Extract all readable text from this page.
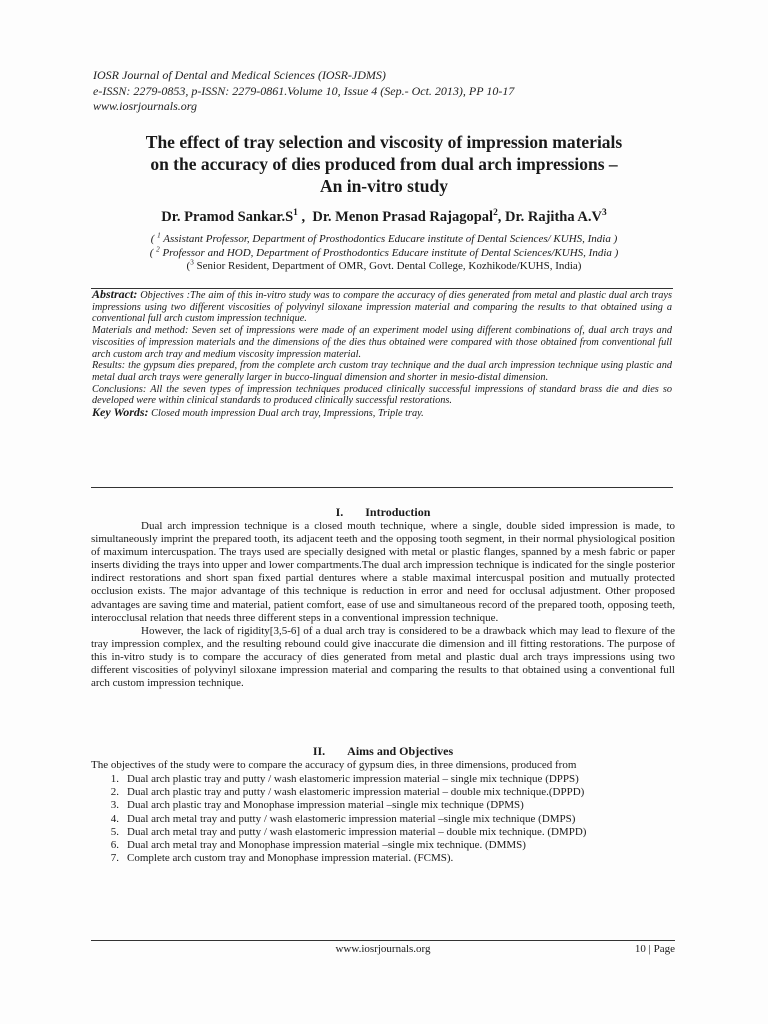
IOSR Journal of Dental and Medical Sciences (IOSR-JDMS)
e-ISSN: 2279-0853, p-ISSN: 2279-0861.Volume 10, Issue 4 (Sep.- Oct. 2013), PP 10-17
www.iosrjournals.org
The effect of tray selection and viscosity of impression materials
on the accuracy of dies produced from dual arch impressions –
An in-vitro study
Dr. Pramod $Sankar.S^1$ ,  Dr. Menon Prasad Rajagopal$^2$, Dr. Rajitha $A.V^3$
( $^1$ Assistant Professor, Department of Prosthodontics Educare institute of Dental Sciences/ KUHS, India )
( $^2$ Professor and HOD, Department of Prosthodontics Educare institute of Dental Sciences/KUHS, India )
($^3$ Senior Resident, Department of OMR, Govt. Dental College, Kozhikode/KUHS, India)

Abstract: Objectives :The aim of this in-vitro study was to compare the accuracy of dies generated from metal and plastic dual arch trays impressions using two different viscosities of polyvinyl siloxane impression material and comparing the results to that obtained using a conventional full arch custom impression technique.

Materials and method: Seven set of impressions were made of an experiment model using different combinations of, dual arch trays and viscosities of impression materials and the dimensions of the dies thus obtained were compared with those obtained from conventional full arch custom arch tray and medium viscosity impression material.

Results: the gypsum dies prepared, from the complete arch custom tray technique and the dual arch impression technique using plastic and metal dual arch trays were generally larger in bucco-lingual dimension and shorter in mesio-distal dimension.

Conclusions: All the seven types of impression techniques produced clinically successful impressions of standard brass die and dies so developed were within clinical standards to produced clinically successful restorations.

Key Words: Closed mouth impression Dual arch tray, Impressions, Triple tray.

I. Introduction

Dual arch impression technique is a closed mouth technique, where a single, double sided impression is made, to simultaneously imprint the prepared tooth, its adjacent teeth and the opposing tooth segment, in their normal physiological position of maximum intercuspation. The trays used are specially designed with metal or plastic flanges, spanned by a mesh fabric or paper inserts dividing the trays into upper and lower compartments.The dual arch impression technique is indicated for the single posterior indirect restorations and short span fixed partial dentures where a stable maximal intercuspal position and mutually protected occlusion exists. The major advantage of this technique is reduction in error and need for occlusal adjustment. Other proposed advantages are saving time and material, patient comfort, ease of use and simultaneous record of the prepared tooth, opposing teeth, interocclusal relation that needs three different steps in a conventional impression technique.

However, the lack of rigidity[3,5-6] of a dual arch tray is considered to be a drawback which may lead to flexure of the tray impression complex, and the resulting rebound could give inaccurate die dimension and ill fitting restorations. The purpose of this in-vitro study is to compare the accuracy of dies generated from metal and plastic dual arch trays impressions using two different viscosities of polyvinyl siloxane impression material and comparing the results to that obtained using a conventional full arch custom impression technique.

II. Aims and Objectives

The objectives of the study were to compare the accuracy of gypsum dies, in three dimensions, produced from

1. Dual arch plastic tray and putty / wash elastomeric impression material – single mix technique (DPPS)
2. Dual arch plastic tray and putty / wash elastomeric impression material – double mix technique.(DPPD)
3. Dual arch plastic tray and Monophase impression material –single mix technique (DPMS)
4. Dual arch metal tray and putty / wash elastomeric impression material –single mix technique (DMPS)
5. Dual arch metal tray and putty / wash elastomeric impression material – double mix technique. (DMPD)
6. Dual arch metal tray and Monophase impression material –single mix technique. (DMMS)
7. Complete arch custom tray and Monophase impression material. (FCMS).
www.iosrjournals.org	10 | Page
